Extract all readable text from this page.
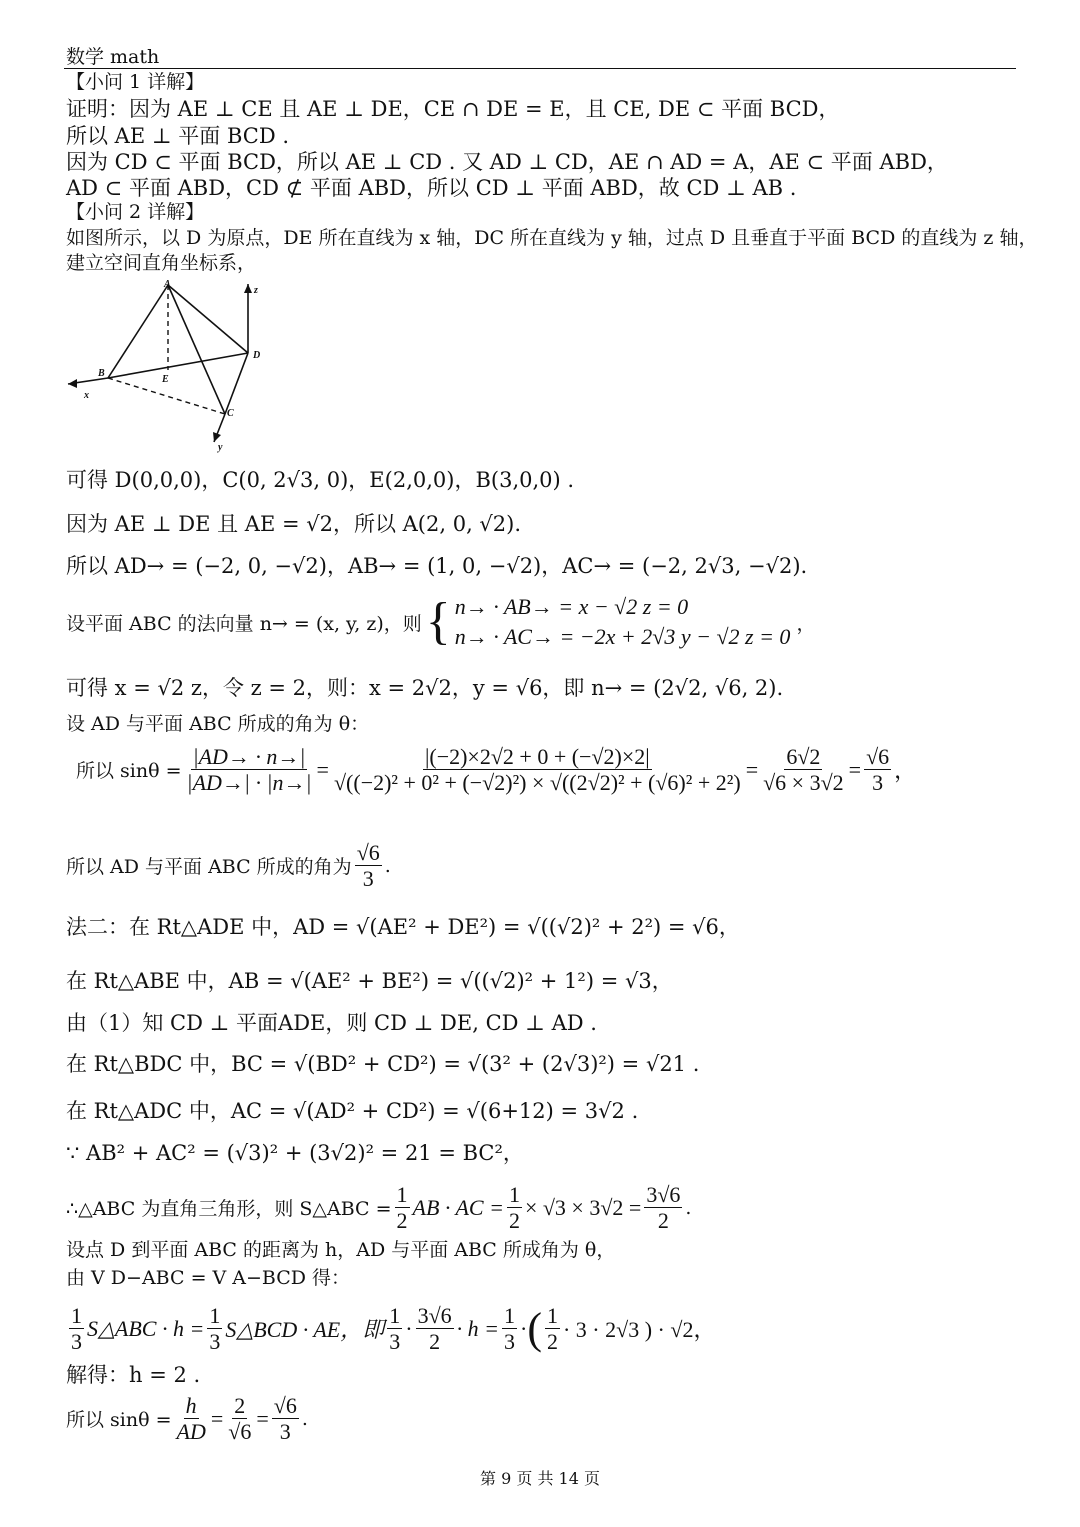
数学 math
【小问 1 详解】
证明：因为 AE ⊥ CE 且 AE ⊥ DE，CE ∩ DE = E，且 CE, DE ⊂ 平面 BCD，
所以 AE ⊥ 平面 BCD .
因为 CD ⊂ 平面 BCD，所以 AE ⊥ CD . 又 AD ⊥ CD，AE ∩ AD = A，AE ⊂ 平面 ABD，
AD ⊂ 平面 ABD，CD ⊄ 平面 ABD，所以 CD ⊥ 平面 ABD，故 CD ⊥ AB .
【小问 2 详解】
如图所示，以 D 为原点，DE 所在直线为 x 轴，DC 所在直线为 y 轴，过点 D 且垂直于平面 BCD 的直线为 z 轴，
建立空间直角坐标系，
A
B
C
D
E
x
y
z
可得 D(0,0,0)，C(0, 2√3, 0)，E(2,0,0)，B(3,0,0) .
因为 AE ⊥ DE 且 AE = √2，所以 A(2, 0, √2).
所以 AD→ = (−2, 0, −√2)，AB→ = (1, 0, −√2)，AC→ = (−2, 2√3, −√2).
设平面 ABC 的法向量 n→ = (x, y, z)，则 { n→ · AB→ = x − √2 z = 0
n→ · AC→ = −2x + 2√3 y − √2 z = 0
，
可得 x = √2 z，令 z = 2，则：x = 2√2，y = √6，即 n→ = (2√2, √6, 2).
设 AD 与平面 ABC 所成的角为 θ：
所以 $\sin\theta = \frac{|AD\to \cdot n\to|}{|AD\to| \cdot |n\to|} = \frac{|(-2)\times 2√2 + 0 + (-√2)\times 2|}{\text{√((−2)² + 0² + (−√2)²) × √((2√2)² + (√6)² + 2²)}} = \frac{6√2}{√6 \times 3√2} = \frac{√6}{3}$ ，
所以 AD 与平面 ABC 所成的角为 $\frac{√6}{3}$ .
法二：在 Rt△ADE 中，AD = √(AE² + DE²) = √((√2)² + 2²) = √6，
在 Rt△ABE 中，AB = √(AE² + BE²) = √((√2)² + 1²) = √3，
由（1）知 CD ⊥ 平面ADE，则 CD ⊥ DE, CD ⊥ AD .
在 Rt△BDC 中，BC = √(BD² + CD²) = √(3² + (2√3)²) = √21 .
在 Rt△ADC 中，AC = √(AD² + CD²) = √(6+12) = 3√2 .
∵ AB² + AC² = (√3)² + (3√2)² = 21 = BC²，
∴△ABC 为直角三角形，则 S△ABC = $\frac{1}{2}$ AB · AC = $\frac{1}{2} \times √3 \times 3√2 = \frac{3√6}{2}$ .
设点 D 到平面 ABC 的距离为 h，AD 与平面 ABC 所成角为 θ，
由 V D−ABC = V A−BCD 得：
$\frac{1}{3}$ S△ABC · $h = \frac{1}{3}$ S△BCD · AE，即 $\frac{1}{3} \cdot \frac{3√6}{2} \cdot h = \frac{1}{3}$ · ( $\frac{1}{2} \cdot 3 \cdot 2√3$ ) · √2，
解得：h = 2 .
所以 $\sin\theta = \frac{h}{AD} = \frac{2}{√6} = \frac{√6}{3}$ .
第 9 页 共 14 页
